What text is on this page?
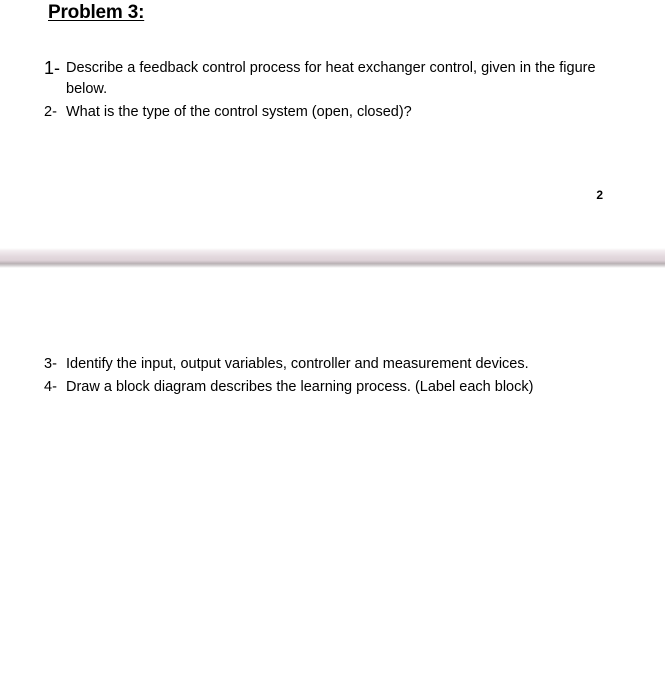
Problem 3:
1- Describe a feedback control process for heat exchanger control, given in the figure below.
2- What is the type of the control system (open, closed)?
2
3- Identify the input, output variables, controller and measurement devices.
4- Draw a block diagram describes the learning process. (Label each block)
